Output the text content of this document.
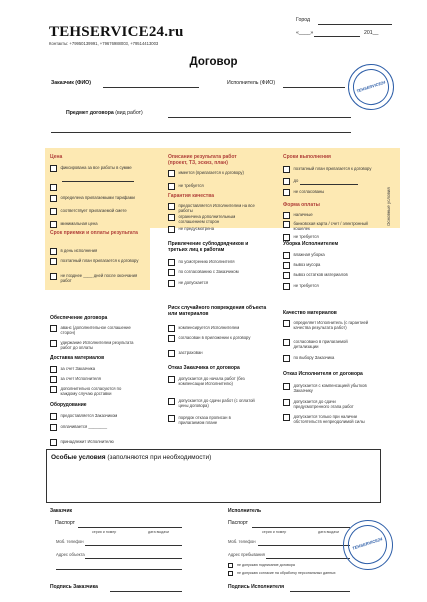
TEHSERVICE24.ru
Контакты: +79950139991, +79676988003, +79514413003
Город
«____»	201__
Договор
Заказчик (ФИО)	Исполнитель (ФИО)
Предмет договора (вид работ)
TEHSERVICE24
Основные условия
Цена
фиксирована за все работы в сумме
определена прилагаемыми тарифами
соответствует прилагаемой смете
минимальная цена
Описание результата работ (проект, ТЗ, эскиз, план)
имеется (прилагается к договору)
не требуется
Гарантия качества
предоставляется Исполнителем на все работы
ограничена дополнительным соглашением сторон
не предусмотрена
Сроки выполнения
поэтапный план прилагается к договору
до
не согласованы
Форма оплаты
наличные
банковская карта / счет / электронный кошелек
не требуется
Срок приемки и оплаты результата
в день исполнения
поэтапный план прилагается к договору
не позднее ____ дней после окончания работ
Привлечение субподрядчиков и третьих лиц к работам
по усмотрению Исполнителя
по согласованию с Заказчиком
не допускается
Уборка Исполнителем
влажная уборка
вывоз мусора
вывоз остатков материалов
не требуется
Обеспечение договора
аванс (дополнительное соглашение сторон)
удержание Исполнителем результата работ до оплаты
Доставка материалов
за счет Заказчика
за счет Исполнителя
дополнительно согласуются по каждому случаю доставки
Оборудование
предоставляется Заказчиком
оплачивается ________
принадлежит Исполнителю
Риск случайного повреждения объекта или материалов
компенсируется Исполнителем
согласован в приложении к договору
застрахован
Отказ Заказчика от договора
допускается до начала работ (без компенсации Исполнителю)
допускается до сдачи работ (с оплатой цены договора)
порядок отказа прописан в прилагаемом плане
Качество материалов
определяет Исполнитель (с гарантией качества результата работ)
согласовано в прилагаемой детализации
по выбору Заказчика
Отказ Исполнителя от договора
допускается с компенсацией убытков Заказчику
допускается до сдачи предусмотренного этапа работ
допускается только при наличии обстоятельств непреодолимой силы
Особые условия (заполняются при необходимости)
Заказчик
Паспорт
серия и номер	дата выдачи
Моб. телефон
Адрес объекта
Подпись Заказчика
Исполнитель
Паспорт
серия и номер	дата выдачи
Моб. телефон
Адрес пребывания
не допускаю подписание договора
не допускаю согласие на обработку персональных данных
Подпись Исполнителя
TEHSERVICE24
